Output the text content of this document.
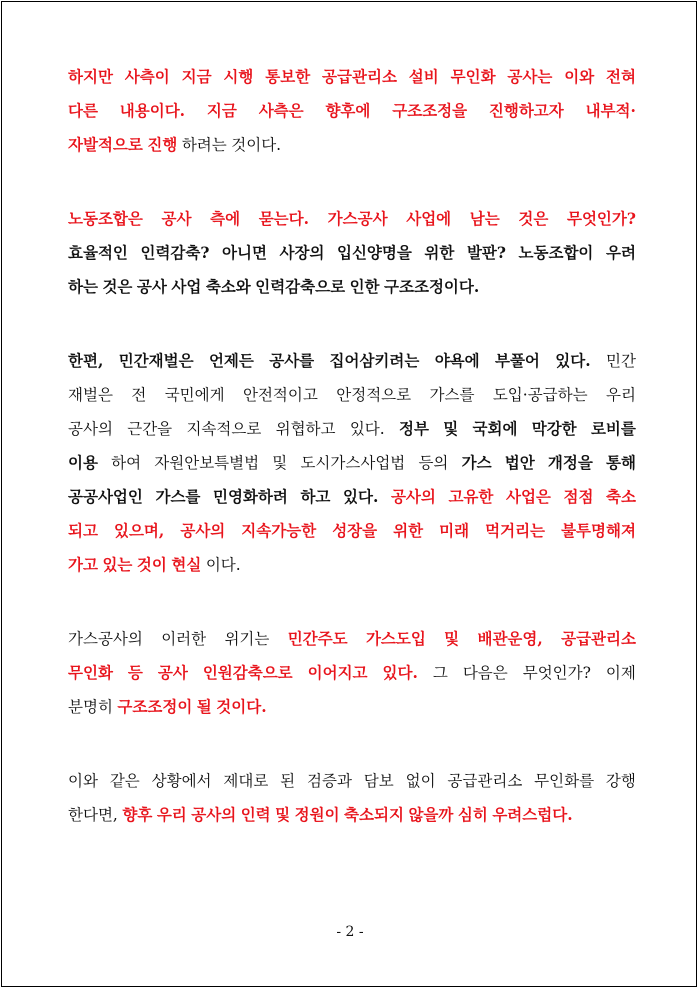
하지만 사측이 지금 시행 통보한 공급관리소 설비 무인화 공사는 이와 전혀
다른 내용이다. 지금 사측은 향후에 구조조정을 진행하고자 내부적·
자발적으로 진행 하려는 것이다.
노동조합은 공사 측에 묻는다. 가스공사 사업에 남는 것은 무엇인가?
효율적인 인력감축? 아니면 사장의 입신양명을 위한 발판? 노동조합이 우려
하는 것은 공사 사업 축소와 인력감축으로 인한 구조조정이다.
한편, 민간재벌은 언제든 공사를 집어삼키려는 야욕에 부풀어 있다. 민간
재벌은 전 국민에게 안전적이고 안정적으로 가스를 도입·공급하는 우리
공사의 근간을 지속적으로 위협하고 있다. 정부 및 국회에 막강한 로비를
이용 하여 자원안보특별법 및 도시가스사업법 등의 가스 법안 개정을 통해
공공사업인 가스를 민영화하려 하고 있다. 공사의 고유한 사업은 점점 축소
되고 있으며, 공사의 지속가능한 성장을 위한 미래 먹거리는 불투명해져
가고 있는 것이 현실 이다.
가스공사의 이러한 위기는 민간주도 가스도입 및 배관운영, 공급관리소
무인화 등 공사 인원감축으로 이어지고 있다. 그 다음은 무엇인가? 이제
분명히 구조조정이 될 것이다.
이와 같은 상황에서 제대로 된 검증과 담보 없이 공급관리소 무인화를 강행
한다면, 향후 우리 공사의 인력 및 정원이 축소되지 않을까 심히 우려스럽다.
- 2 -
